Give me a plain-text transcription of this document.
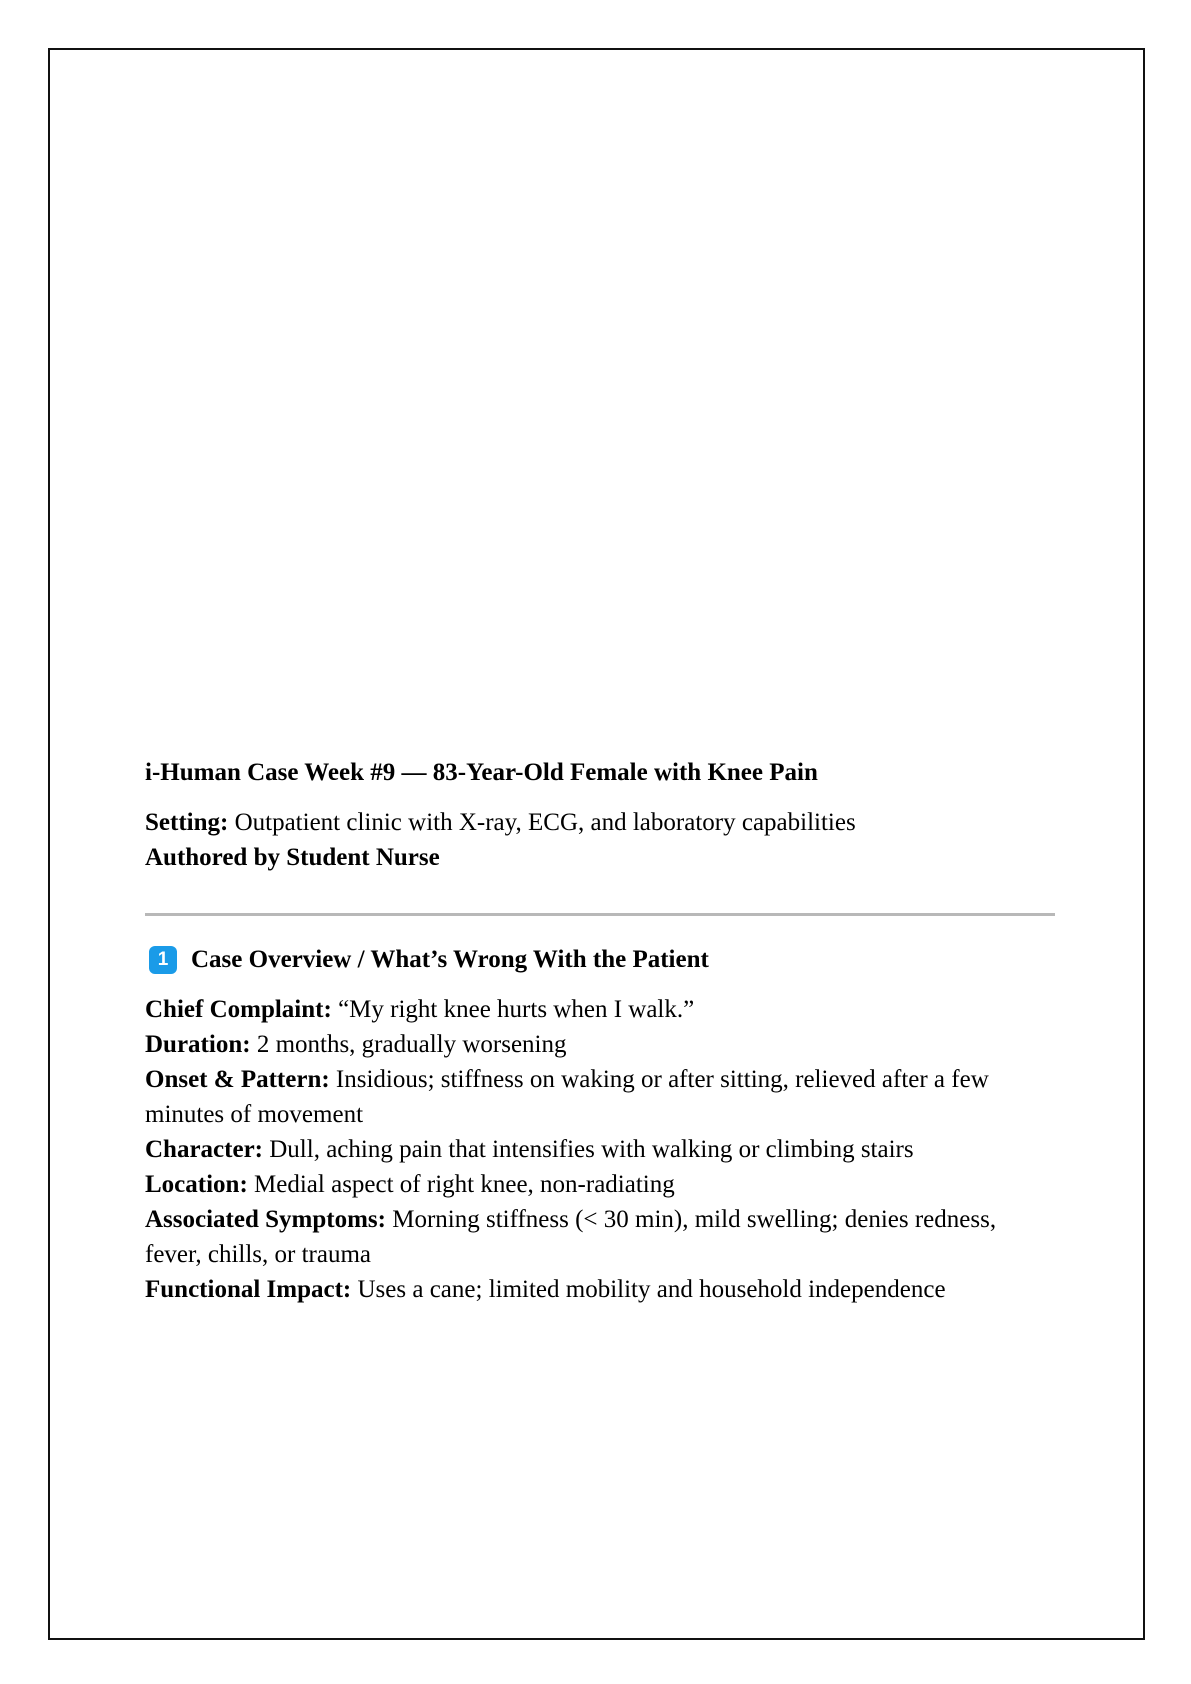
i-Human Case Week #9 — 83-Year-Old Female with Knee Pain

Setting: Outpatient clinic with X-ray, ECG, and laboratory capabilities

Authored by Student Nurse

1 Case Overview / What’s Wrong With the Patient

Chief Complaint: “My right knee hurts when I walk.”

Duration: 2 months, gradually worsening

Onset & Pattern: Insidious; stiffness on waking or after sitting, relieved after a few minutes of movement

Character: Dull, aching pain that intensifies with walking or climbing stairs

Location: Medial aspect of right knee, non-radiating

Associated Symptoms: Morning stiffness (< 30 min), mild swelling; denies redness, fever, chills, or trauma

Functional Impact: Uses a cane; limited mobility and household independence
